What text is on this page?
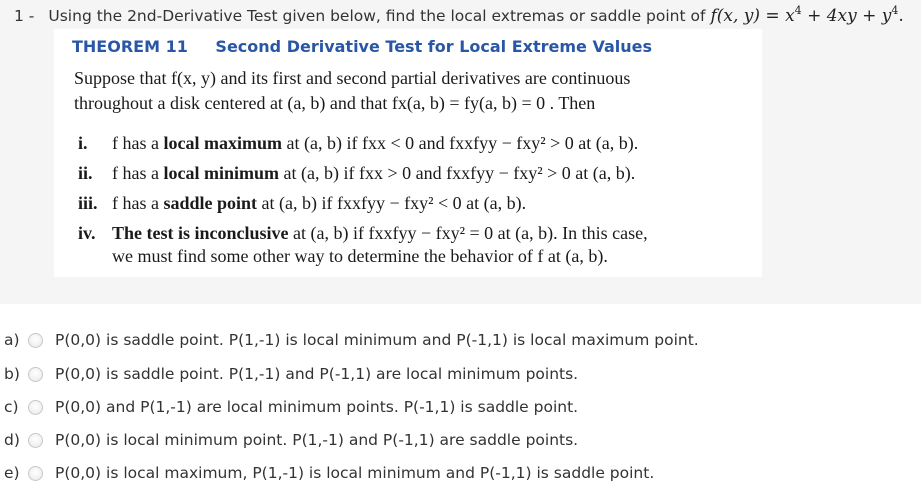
1 - Using the 2nd-Derivative Test given below, find the local extremas or saddle point of f(x, $y) = x^4 + 4xy + y^4$.
THEOREM 11 Second Derivative Test for Local Extreme Values
Suppose that f(x, y) and its first and second partial derivatives are continuous
throughout a disk centered at (a, b) and that fx(a, b) = fy(a, b) = 0 . Then
i.	f has a local maximum at (a, b) if fxx < 0 and fxxfyy − fxy² > 0 at (a, b).
ii.	f has a local minimum at (a, b) if fxx > 0 and fxxfyy − fxy² > 0 at (a, b).
iii. f has a saddle point at (a, b) if fxxfyy − fxy² < 0 at (a, b).
iv. The test is inconclusive at (a, b) if fxxfyy − fxy² = 0 at (a, b). In this case,
we must find some other way to determine the behavior of f at (a, b).
a)	P(0,0) is saddle point. P(1,-1) is local minimum and P(-1,1) is local maximum point.
b)	P(0,0) is saddle point. P(1,-1) and P(-1,1) are local minimum points.
c)	P(0,0) and P(1,-1) are local minimum points. P(-1,1) is saddle point.
d)	P(0,0) is local minimum point. P(1,-1) and P(-1,1) are saddle points.
e)	P(0,0) is local maximum, P(1,-1) is local minimum and P(-1,1) is saddle point.
